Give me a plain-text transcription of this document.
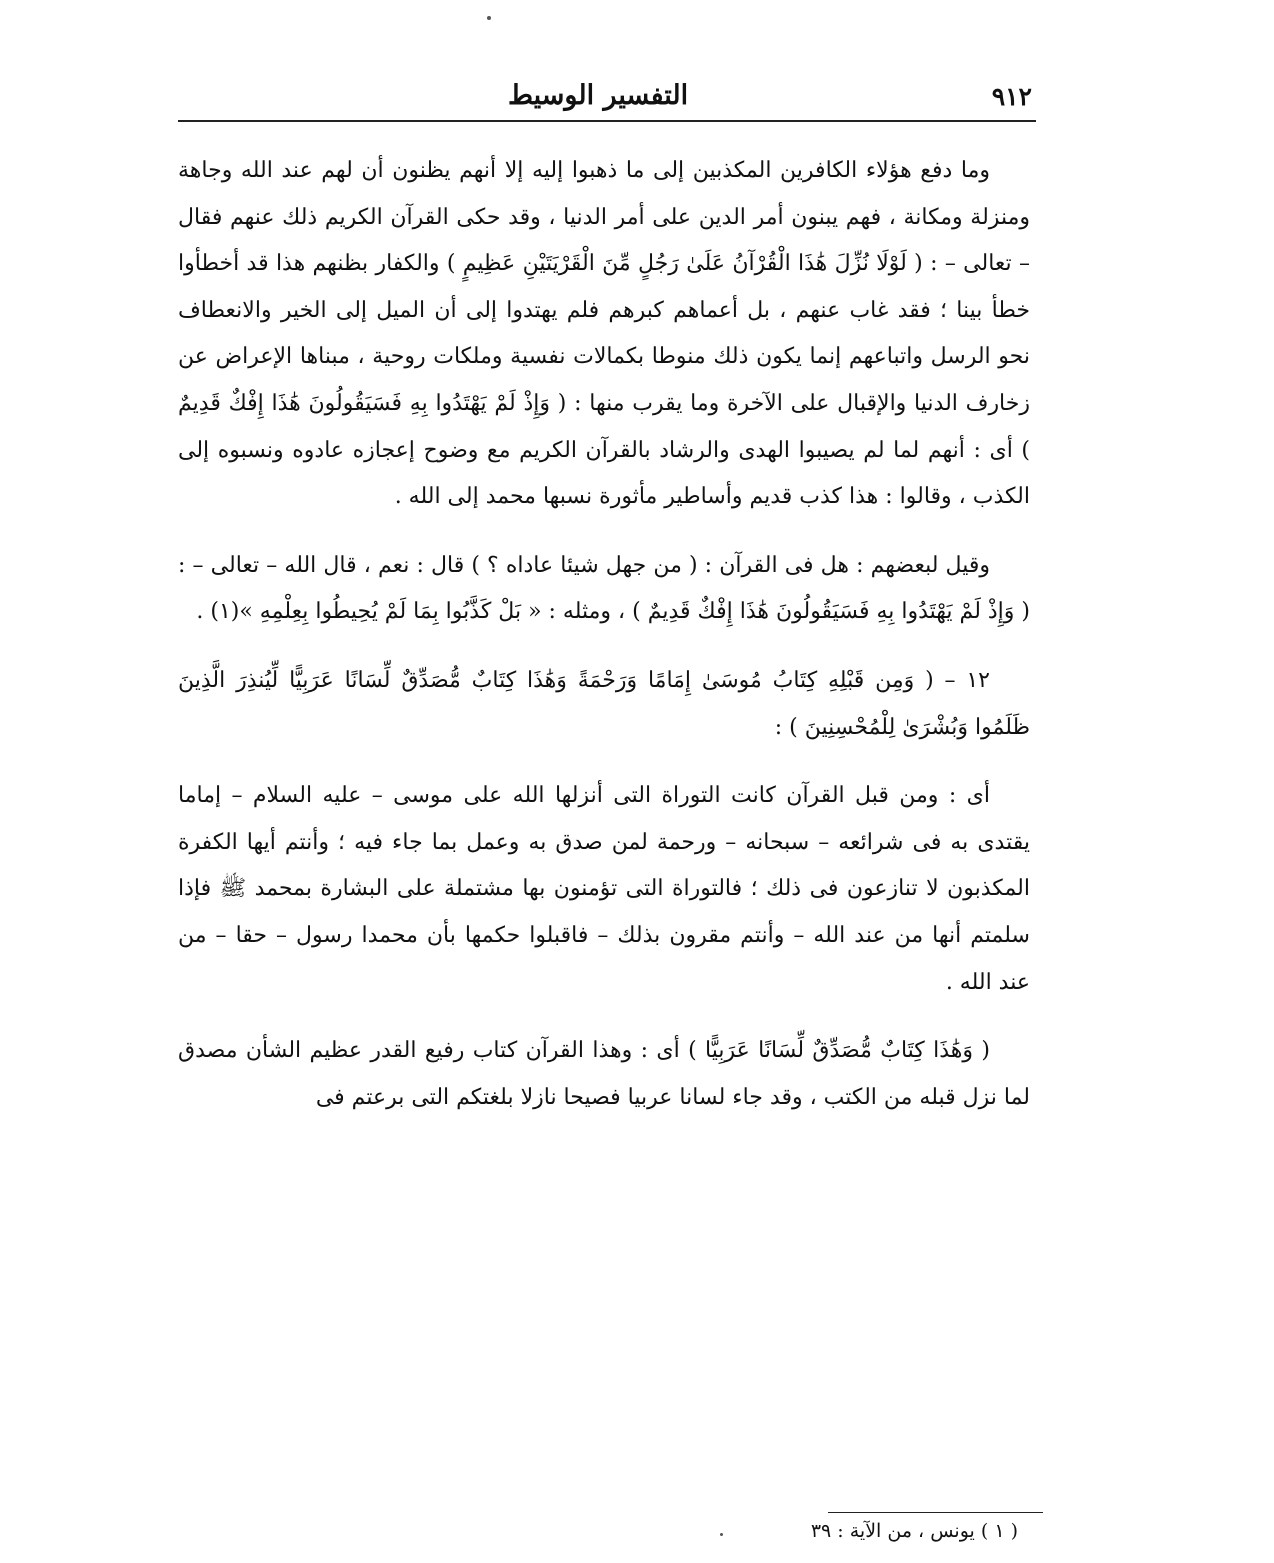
٩١٢
التفسير الوسيط

وما دفع هؤلاء الكافرين المكذبين إلى ما ذهبوا إليه إلا أنهم يظنون أن لهم عند الله وجاهة ومنزلة ومكانة ، فهم يبنون أمر الدين على أمر الدنيا ، وقد حكى القرآن الكريم ذلك عنهم فقال – تعالى – : ( لَوْلَا نُزِّلَ هَٰذَا الْقُرْآنُ عَلَىٰ رَجُلٍ مِّنَ الْقَرْيَتَيْنِ عَظِيمٍ ) والكفار بظنهم هذا قد أخطأوا خطأ بينا ؛ فقد غاب عنهم ، بل أعماهم كبرهم فلم يهتدوا إلى أن الميل إلى الخير والانعطاف نحو الرسل واتباعهم إنما يكون ذلك منوطا بكمالات نفسية وملكات روحية ، مبناها الإعراض عن زخارف الدنيا والإقبال على الآخرة وما يقرب منها : ( وَإِذْ لَمْ يَهْتَدُوا بِهِ فَسَيَقُولُونَ هَٰذَا إِفْكٌ قَدِيمٌ ) أى : أنهم لما لم يصيبوا الهدى والرشاد بالقرآن الكريم مع وضوح إعجازه عادوه ونسبوه إلى الكذب ، وقالوا : هذا كذب قديم وأساطير مأثورة نسبها محمد إلى الله .

وقيل لبعضهم : هل فى القرآن : ( من جهل شيئا عاداه ؟ ) قال : نعم ، قال الله – تعالى – : ( وَإِذْ لَمْ يَهْتَدُوا بِهِ فَسَيَقُولُونَ هَٰذَا إِفْكٌ قَدِيمٌ ) ، ومثله : « بَلْ كَذَّبُوا بِمَا لَمْ يُحِيطُوا بِعِلْمِهِ »(١) .

١٢ – ( وَمِن قَبْلِهِ كِتَابُ مُوسَىٰ إِمَامًا وَرَحْمَةً وَهَٰذَا كِتَابٌ مُّصَدِّقٌ لِّسَانًا عَرَبِيًّا لِّيُنذِرَ الَّذِينَ ظَلَمُوا وَبُشْرَىٰ لِلْمُحْسِنِينَ ) :

أى : ومن قبل القرآن كانت التوراة التى أنزلها الله على موسى – عليه السلام – إماما يقتدى به فى شرائعه – سبحانه – ورحمة لمن صدق به وعمل بما جاء فيه ؛ وأنتم أيها الكفرة المكذبون لا تنازعون فى ذلك ؛ فالتوراة التى تؤمنون بها مشتملة على البشارة بمحمد ﷺ فإذا سلمتم أنها من عند الله – وأنتم مقرون بذلك – فاقبلوا حكمها بأن محمدا رسول – حقا – من عند الله .

( وَهَٰذَا كِتَابٌ مُّصَدِّقٌ لِّسَانًا عَرَبِيًّا ) أى : وهذا القرآن كتاب رفيع القدر عظيم الشأن مصدق لما نزل قبله من الكتب ، وقد جاء لسانا عربيا فصيحا نازلا بلغتكم التى برعتم فى

( ١ ) يونس ، من الآية : ٣٩
